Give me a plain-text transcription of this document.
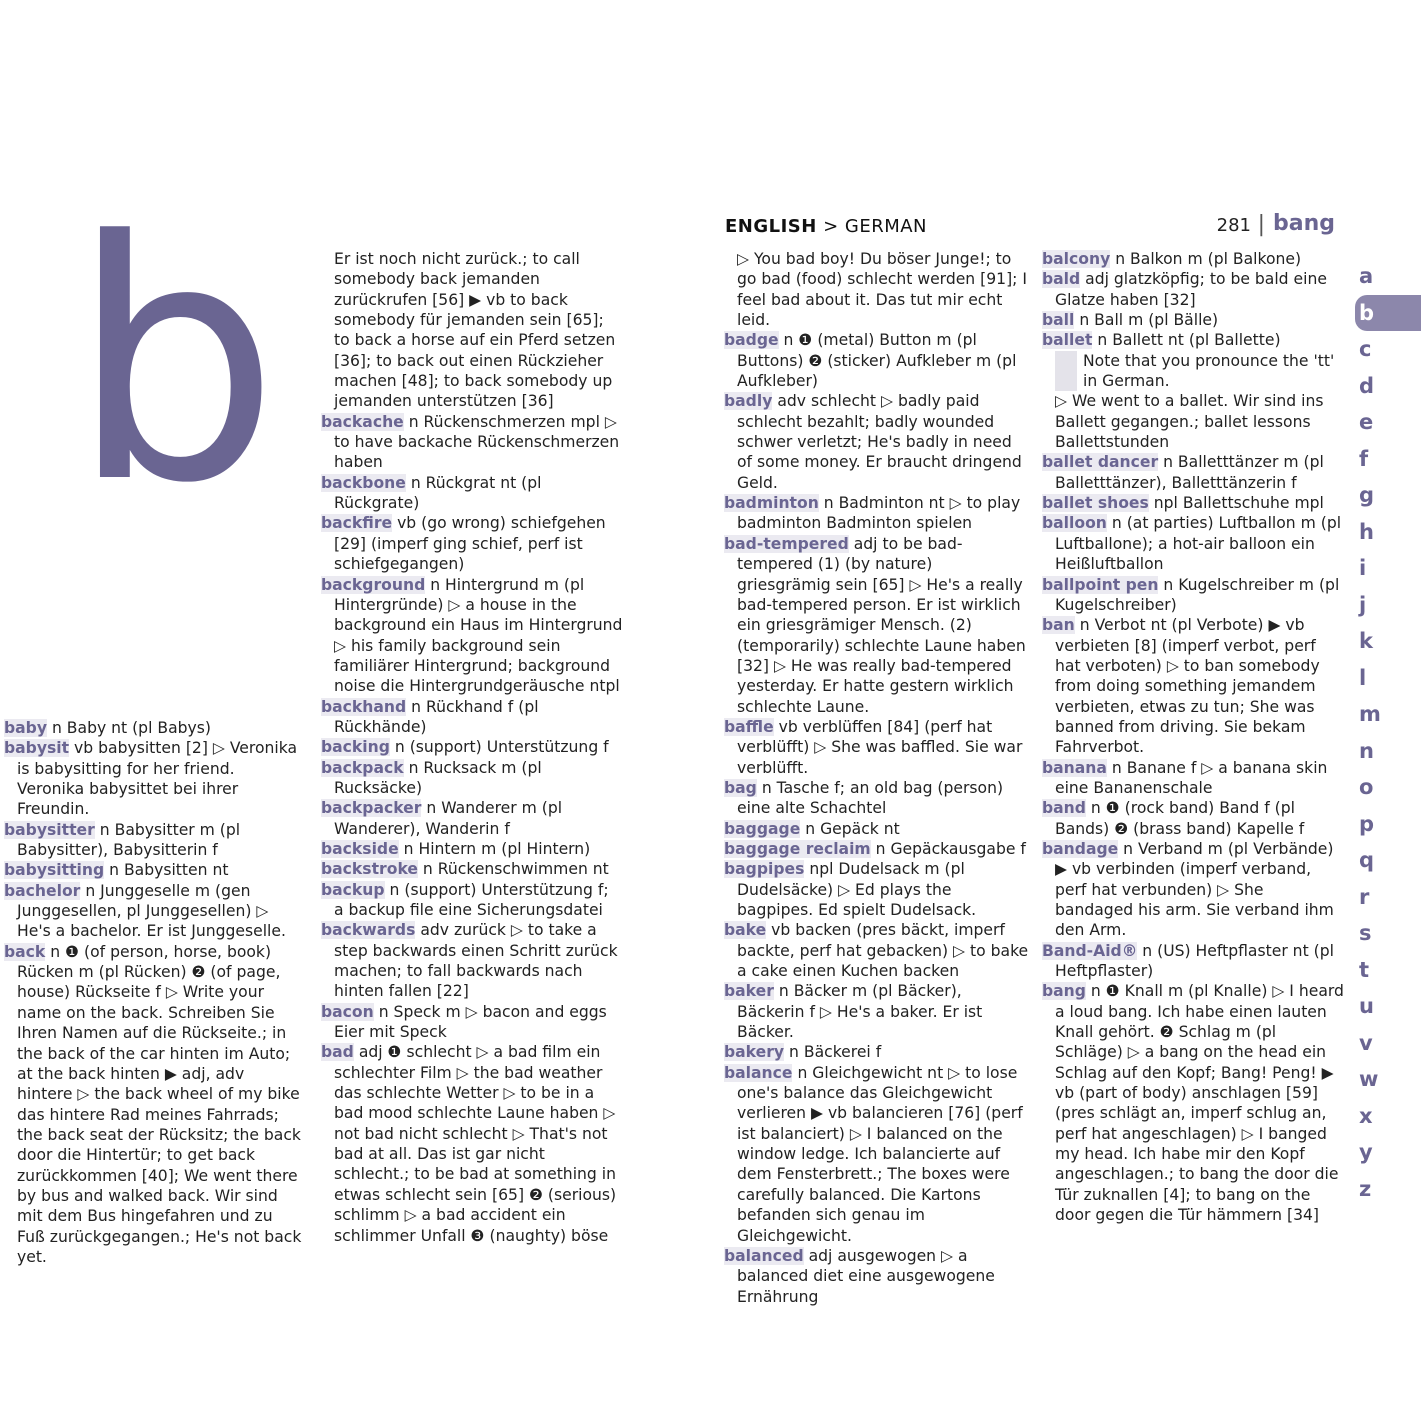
b	ENGLISH > GERMAN	281 | bang
baby n Baby nt (pl Babys)
babysit vb babysitten [2] ▷ Veronika is babysitting for her friend. Veronika babysittet bei ihrer Freundin.
babysitter n Babysitter m (pl Babysitter), Babysitterin f
babysitting n Babysitten nt
bachelor n Junggeselle m (gen Junggesellen, pl Junggesellen) ▷ He's a bachelor. Er ist Junggeselle.
back n ❶ (of person, horse, book) Rücken m (pl Rücken) ❷ (of page, house) Rückseite f ▷ Write your name on the back. Schreiben Sie Ihren Namen auf die Rückseite.; in the back of the car hinten im Auto; at the back hinten ▶ adj, adv hintere ▷ the back wheel of my bike das hintere Rad meines Fahrrads; the back seat der Rücksitz; the back door die Hintertür; to get back zurückkommen [40]; We went there by bus and walked back. Wir sind mit dem Bus hingefahren und zu Fuß zurückgegangen.; He's not back yet.
Er ist noch nicht zurück.; to call somebody back jemanden zurückrufen [56] ▶ vb to back somebody für jemanden sein [65]; to back a horse auf ein Pferd setzen [36]; to back out einen Rückzieher machen [48]; to back somebody up jemanden unterstützen [36]
backache n Rückenschmerzen mpl ▷ to have backache Rückenschmerzen haben
backbone n Rückgrat nt (pl Rückgrate)
backfire vb (go wrong) schiefgehen [29] (imperf ging schief, perf ist schiefgegangen)
background n Hintergrund m (pl Hintergründe) ▷ a house in the background ein Haus im Hintergrund ▷ his family background sein familiärer Hintergrund; background noise die Hintergrundgeräusche ntpl
backhand n Rückhand f (pl Rückhände)
backing n (support) Unterstützung f
backpack n Rucksack m (pl Rucksäcke)
backpacker n Wanderer m (pl Wanderer), Wanderin f
backside n Hintern m (pl Hintern)
backstroke n Rückenschwimmen nt
backup n (support) Unterstützung f; a backup file eine Sicherungsdatei
backwards adv zurück ▷ to take a step backwards einen Schritt zurück machen; to fall backwards nach hinten fallen [22]
bacon n Speck m ▷ bacon and eggs Eier mit Speck
bad adj ❶ schlecht ▷ a bad film ein schlechter Film ▷ the bad weather das schlechte Wetter ▷ to be in a bad mood schlechte Laune haben ▷ not bad nicht schlecht ▷ That's not bad at all. Das ist gar nicht schlecht.; to be bad at something in etwas schlecht sein [65] ❷ (serious) schlimm ▷ a bad accident ein schlimmer Unfall ❸ (naughty) böse
▷ You bad boy! Du böser Junge!; to go bad (food) schlecht werden [91]; I feel bad about it. Das tut mir echt leid.
badge n ❶ (metal) Button m (pl Buttons) ❷ (sticker) Aufkleber m (pl Aufkleber)
badly adv schlecht ▷ badly paid schlecht bezahlt; badly wounded schwer verletzt; He's badly in need of some money. Er braucht dringend Geld.
badminton n Badminton nt ▷ to play badminton Badminton spielen
bad-tempered adj to be bad-tempered (1) (by nature) griesgrämig sein [65] ▷ He's a really bad-tempered person. Er ist wirklich ein griesgrämiger Mensch. (2) (temporarily) schlechte Laune haben [32] ▷ He was really bad-tempered yesterday. Er hatte gestern wirklich schlechte Laune.
baffle vb verblüffen [84] (perf hat verblüfft) ▷ She was baffled. Sie war verblüfft.
bag n Tasche f; an old bag (person) eine alte Schachtel
baggage n Gepäck nt
baggage reclaim n Gepäckausgabe f
bagpipes npl Dudelsack m (pl Dudelsäcke) ▷ Ed plays the bagpipes. Ed spielt Dudelsack.
bake vb backen (pres bäckt, imperf backte, perf hat gebacken) ▷ to bake a cake einen Kuchen backen
baker n Bäcker m (pl Bäcker), Bäckerin f ▷ He's a baker. Er ist Bäcker.
bakery n Bäckerei f
balance n Gleichgewicht nt ▷ to lose one's balance das Gleichgewicht verlieren ▶ vb balancieren [76] (perf ist balanciert) ▷ I balanced on the window ledge. Ich balancierte auf dem Fensterbrett.; The boxes were carefully balanced. Die Kartons befanden sich genau im Gleichgewicht.
balanced adj ausgewogen ▷ a balanced diet eine ausgewogene Ernährung
balcony n Balkon m (pl Balkone)
bald adj glatzköpfig; to be bald eine Glatze haben [32]
ball n Ball m (pl Bälle)
ballet n Ballett nt (pl Ballette)
Note that you pronounce the 'tt' in German.
▷ We went to a ballet. Wir sind ins Ballett gegangen.; ballet lessons Ballettstunden
ballet dancer n Balletttänzer m (pl Balletttänzer), Balletttänzerin f
ballet shoes npl Ballettschuhe mpl
balloon n (at parties) Luftballon m (pl Luftballone); a hot-air balloon ein Heißluftballon
ballpoint pen n Kugelschreiber m (pl Kugelschreiber)
ban n Verbot nt (pl Verbote) ▶ vb verbieten [8] (imperf verbot, perf hat verboten) ▷ to ban somebody from doing something jemandem verbieten, etwas zu tun; She was banned from driving. Sie bekam Fahrverbot.
banana n Banane f ▷ a banana skin eine Bananenschale
band n ❶ (rock band) Band f (pl Bands) ❷ (brass band) Kapelle f
bandage n Verband m (pl Verbände) ▶ vb verbinden (imperf verband, perf hat verbunden) ▷ She bandaged his arm. Sie verband ihm den Arm.
Band-Aid® n (US) Heftpflaster nt (pl Heftpflaster)
bang n ❶ Knall m (pl Knalle) ▷ I heard a loud bang. Ich habe einen lauten Knall gehört. ❷ Schlag m (pl Schläge) ▷ a bang on the head ein Schlag auf den Kopf; Bang! Peng! ▶ vb (part of body) anschlagen [59] (pres schlägt an, imperf schlug an, perf hat angeschlagen) ▷ I banged my head. Ich habe mir den Kopf angeschlagen.; to bang the door die Tür zuknallen [4]; to bang on the door gegen die Tür hämmern [34]
a
b
c
d
e
f
g
h
i
j
k
l
m
n
o
p
q
r
s
t
u
v
w
x
y
z
